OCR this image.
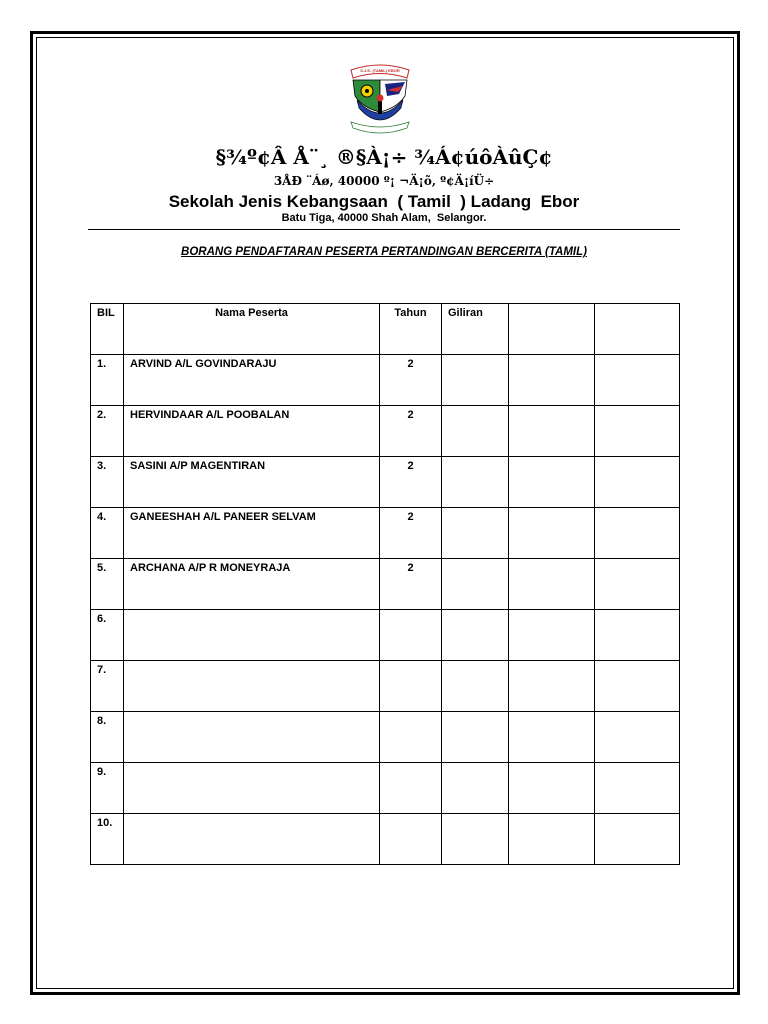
S.J.K. (TAMIL) EBOR
§¾º¢Â Å¨¸ ®§À¡÷ ¾Á¢úôÀûÇ¢
3ÅÐ ¨Áø, 40000 º¡ ¬Ä¡õ, º¢Ä¡íÜ÷
Sekolah Jenis Kebangsaan  ( Tamil  ) Ladang  Ebor
Batu Tiga, 40000 Shah Alam,  Selangor.
BORANG PENDAFTARAN PESERTA PERTANDINGAN BERCERITA (TAMIL)
BIL	Nama Peserta	Tahun	Giliran		
1.	ARVIND A/L GOVINDARAJU	2			
2.	HERVINDAAR A/L POOBALAN	2			
3.	SASINI A/P MAGENTIRAN	2			
4.	GANEESHAH A/L PANEER SELVAM	2			
5.	ARCHANA A/P R MONEYRAJA	2			
6.					
7.					
8.					
9.					
10.					
